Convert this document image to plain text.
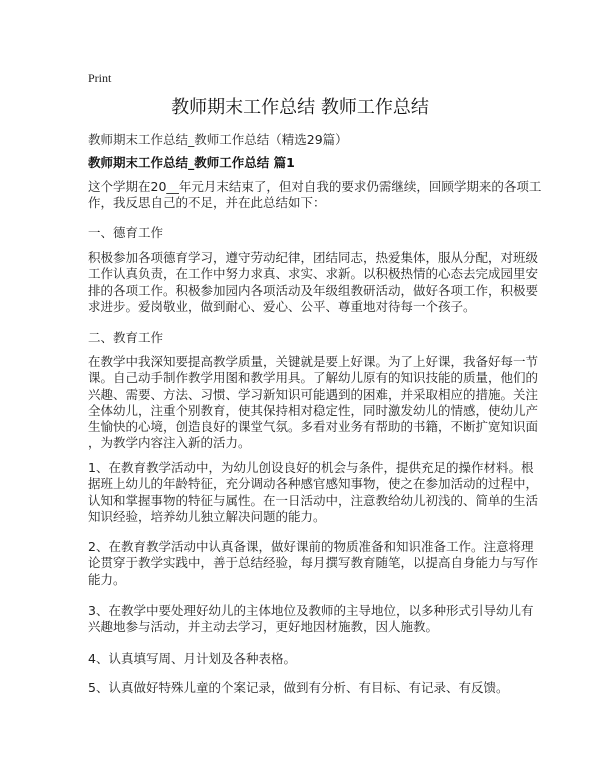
Print
教师期末工作总结 教师工作总结
教师期末工作总结_教师工作总结（精选29篇）
教师期末工作总结_教师工作总结 篇1
这个学期在20__年元月末结束了，但对自我的要求仍需继续，回顾学期来的各项工
作，我反思自己的不足，并在此总结如下：
一、德育工作
积极参加各项德育学习，遵守劳动纪律，团结同志，热爱集体，服从分配，对班级
工作认真负责，在工作中努力求真、求实、求新。以积极热情的心态去完成园里安
排的各项工作。积极参加园内各项活动及年级组教研活动，做好各项工作，积极要
求进步。爱岗敬业，做到耐心、爱心、公平、尊重地对待每一个孩子。
二、教育工作
在教学中我深知要提高教学质量，关键就是要上好课。为了上好课，我备好每一节
课。自己动手制作教学用图和教学用具。了解幼儿原有的知识技能的质量，他们的
兴趣、需要、方法、习惯、学习新知识可能遇到的困难，并采取相应的措施。关注
全体幼儿，注重个别教育，使其保持相对稳定性，同时激发幼儿的情感，使幼儿产
生愉快的心境，创造良好的课堂气氛。多看对业务有帮助的书籍，不断扩宽知识面
，为教学内容注入新的活力。
1、在教育教学活动中，为幼儿创设良好的机会与条件，提供充足的操作材料。根
据班上幼儿的年龄特征，充分调动各种感官感知事物，使之在参加活动的过程中，
认知和掌握事物的特征与属性。在一日活动中，注意教给幼儿初浅的、简单的生活
知识经验，培养幼儿独立解决问题的能力。
2、在教育教学活动中认真备课，做好课前的物质准备和知识准备工作。注意将理
论贯穿于教学实践中，善于总结经验，每月撰写教育随笔，以提高自身能力与写作
能力。
3、在教学中要处理好幼儿的主体地位及教师的主导地位，以多种形式引导幼儿有
兴趣地参与活动，并主动去学习，更好地因材施教，因人施教。
4、认真填写周、月计划及各种表格。
5、认真做好特殊儿童的个案记录，做到有分析、有目标、有记录、有反馈。
